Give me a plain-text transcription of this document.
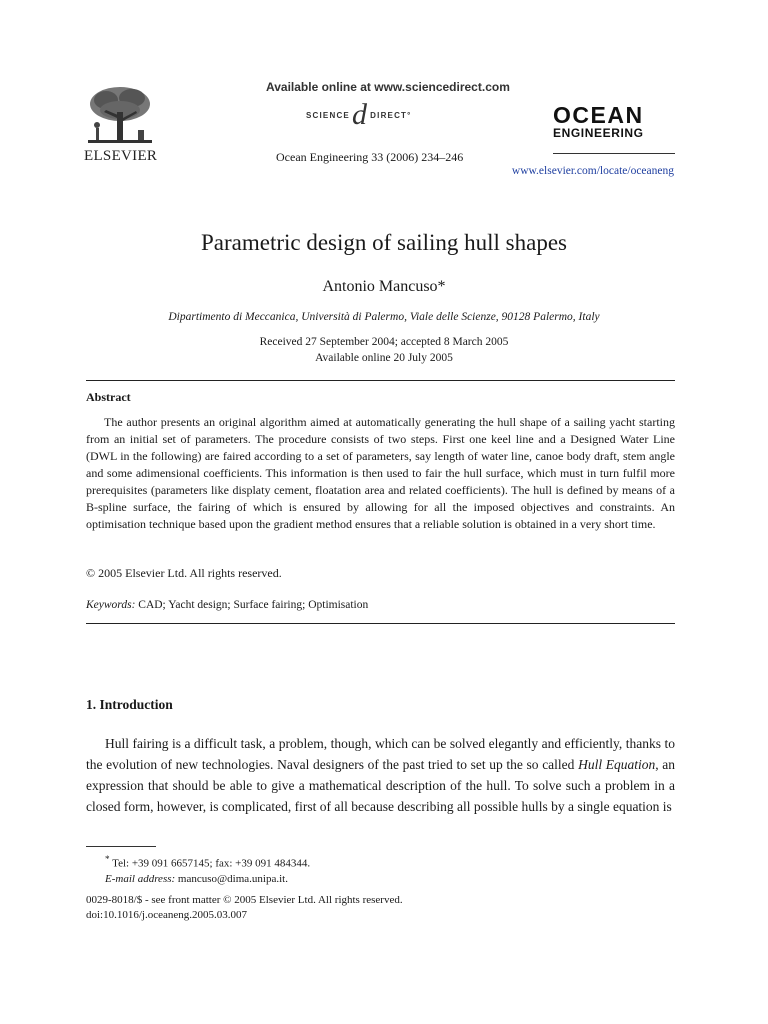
ELSEVIER
Available online at www.sciencedirect.com
SCIENCE d DIRECT°
Ocean Engineering 33 (2006) 234–246
OCEAN
ENGINEERING
www.elsevier.com/locate/oceaneng
Parametric design of sailing hull shapes
Antonio Mancuso*
Dipartimento di Meccanica, Università di Palermo, Viale delle Scienze, 90128 Palermo, Italy
Received 27 September 2004; accepted 8 March 2005
Available online 20 July 2005
Abstract

The author presents an original algorithm aimed at automatically generating the hull shape of a sailing yacht starting from an initial set of parameters. The procedure consists of two steps. First one keel line and a Designed Water Line (DWL in the following) are faired according to a set of parameters, say length of water line, canoe body draft, stem angle and some adimensional coefficients. This information is then used to fair the hull surface, which must in turn fulfil more prerequisites (parameters like displaty cement, floatation area and related coefficients). The hull is defined by means of a B-spline surface, the fairing of which is ensured by allowing for all the imposed objectives and constraints. An optimisation technique based upon the gradient method ensures that a reliable solution is obtained in a very short time.

© 2005 Elsevier Ltd. All rights reserved.
Keywords: CAD; Yacht design; Surface fairing; Optimisation
1. Introduction

Hull fairing is a difficult task, a problem, though, which can be solved elegantly and efficiently, thanks to the evolution of new technologies. Naval designers of the past tried to set up the so called Hull Equation, an expression that should be able to give a mathematical description of the hull. To solve such a problem in a closed form, however, is complicated, first of all because describing all possible hulls by a single equation is

* Tel: +39 091 6657145; fax: +39 091 484344.
E-mail address: mancuso@dima.unipa.it.
0029-8018/$ - see front matter © 2005 Elsevier Ltd. All rights reserved.
doi:10.1016/j.oceaneng.2005.03.007
